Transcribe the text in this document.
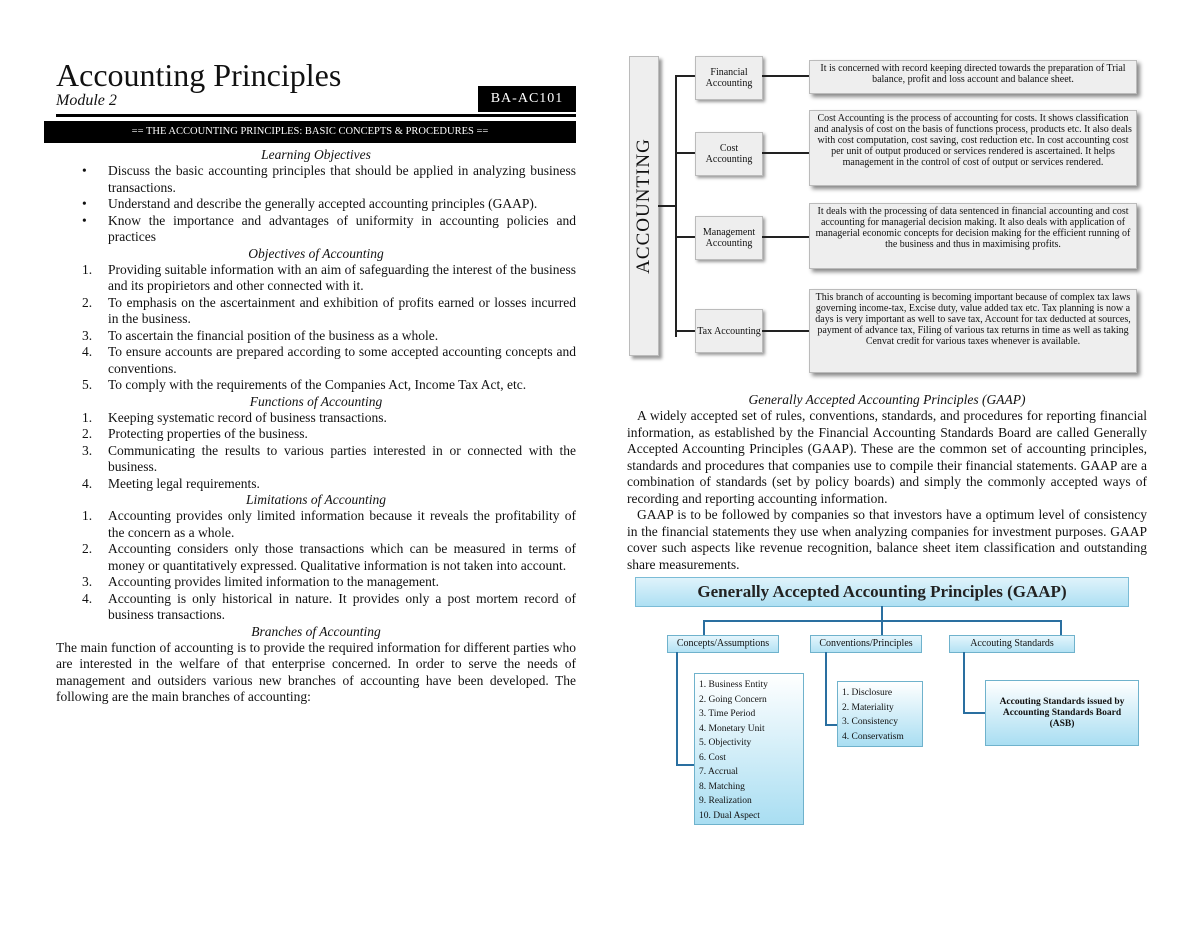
Accounting Principles
Module 2	BA-AC101
== THE ACCOUNTING PRINCIPLES: BASIC CONCEPTS & PROCEDURES ==
Learning Objectives
• Discuss the basic accounting principles that should be applied in analyzing business transactions.
• Understand and describe the generally accepted accounting principles (GAAP).
• Know the importance and advantages of uniformity in accounting policies and practices
Objectives of Accounting
1. Providing suitable information with an aim of safeguarding the interest of the business and its propirietors and other connected with it.
2. To emphasis on the ascertainment and exhibition of profits earned or losses incurred in the business.
3. To ascertain the financial position of the business as a whole.
4. To ensure accounts are prepared according to some accepted accounting concepts and conventions.
5. To comply with the requirements of the Companies Act, Income Tax Act, etc.
Functions of Accounting
1. Keeping systematic record of business transactions.
2. Protecting properties of the business.
3. Communicating the results to various parties interested in or connected with the business.
4. Meeting legal requirements.
Limitations of Accounting
1. Accounting provides only limited information because it reveals the profitability of the concern as a whole.
2. Accounting considers only those transactions which can be measured in terms of money or quantitatively expressed. Qualitative information is not taken into account.
3. Accounting provides limited information to the management.
4. Accounting is only historical in nature. It provides only a post mortem record of business transactions.
Branches of Accounting

The main function of accounting is to provide the required information for different parties who are interested in the welfare of that enterprise concerned. In order to serve the needs of management and outsiders various new branches of accounting have been developed. The following are the main branches of accounting:

ACCOUNTING
Financial Accounting
It is concerned with record keeping directed towards the preparation of Trial balance, profit and loss account and balance sheet.
Cost Accounting
Cost Accounting is the process of accounting for costs. It shows classification and analysis of cost on the basis of functions process, products etc. It also deals with cost computation, cost saving, cost reduction etc. In cost accounting cost per unit of output produced or services rendered is ascertained. It helps management in the control of cost of output or services rendered.
Management Accounting
It deals with the processing of data sentenced in financial accounting and cost accounting for managerial decision making. It also deals with application of managerial economic concepts for decision making for the efficient running of the business and thus in maximising profits.
Tax Accounting
This branch of accounting is becoming important because of complex tax laws governing income-tax, Excise duty, value added tax etc. Tax planning is now a days is very important as well to save tax, Account for tax deducted at sources, payment of advance tax, Filing of various tax returns in time as well as taking Cenvat credit for various taxes whenever is available.
Generally Accepted Accounting Principles (GAAP)

A widely accepted set of rules, conventions, standards, and procedures for reporting financial information, as established by the Financial Accounting Standards Board are called Generally Accepted Accounting Principles (GAAP). These are the common set of accounting principles, standards and procedures that companies use to compile their financial statements. GAAP are a combination of standards (set by policy boards) and simply the commonly accepted ways of recording and reporting accounting information.

GAAP is to be followed by companies so that investors have a optimum level of consistency in the financial statements they use when analyzing companies for investment purposes. GAAP cover such aspects like revenue recognition, balance sheet item classification and outstanding share measurements.

Generally Accepted Accounting Principles (GAAP)
Concepts/Assumptions	Conventions/Principles	Accouting Standards
1. Business Entity
2. Going Concern
3. Time Period
4. Monetary Unit
5. Objectivity
6. Cost
7. Accrual
8. Matching
9. Realization
10. Dual Aspect
1. Disclosure
2. Materiality
3. Consistency
4. Conservatism
Accouting Standards issued by Accounting Standards Board (ASB)
